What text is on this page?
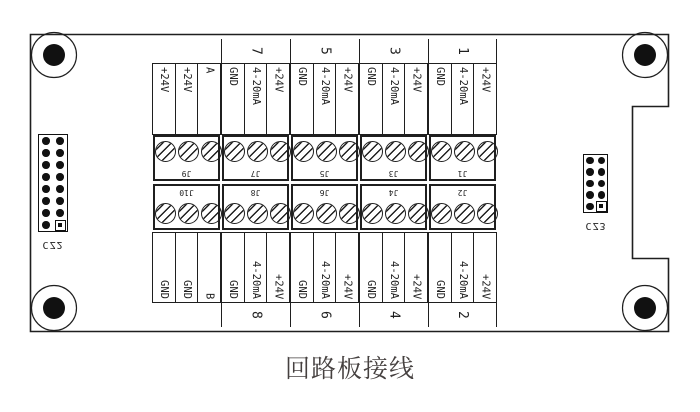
CZ2
CZ3
+24V +24V A
J9
7
GND 4-20mA +24V
J7
5
GND 4-20mA +24V
J5
3
GND 4-20mA +24V
J3
1
GND 4-20mA +24V
J1
J10
GND GND B
J8
GND 4-20mA +24V
8
J6
GND 4-20mA +24V
6
J4
GND 4-20mA +24V
4
J2
GND 4-20mA +24V
2
回路板接线
